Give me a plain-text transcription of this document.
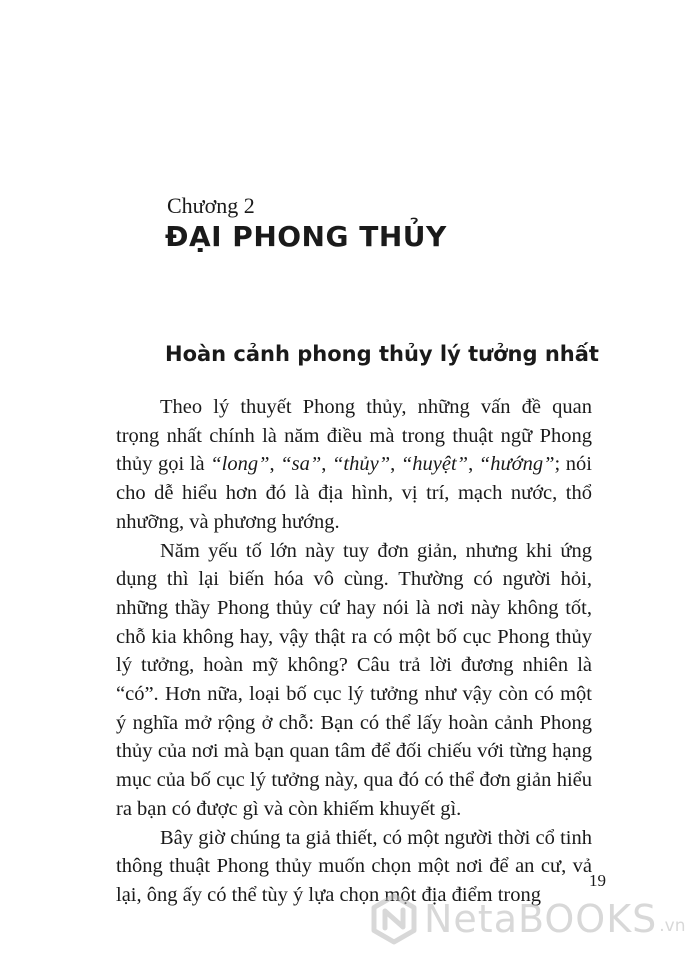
Chương 2
ĐẠI PHONG THỦY
Hoàn cảnh phong thủy lý tưởng nhất

Theo lý thuyết Phong thủy, những vấn đề quan trọng nhất chính là năm điều mà trong thuật ngữ Phong thủy gọi là “long”, “sa”, “thủy”, “huyệt”, “hướng”; nói cho dễ hiểu hơn đó là địa hình, vị trí, mạch nước, thổ nhưỡng, và phương hướng.

Năm yếu tố lớn này tuy đơn giản, nhưng khi ứng dụng thì lại biến hóa vô cùng. Thường có người hỏi, những thầy Phong thủy cứ hay nói là nơi này không tốt, chỗ kia không hay, vậy thật ra có một bố cục Phong thủy lý tưởng, hoàn mỹ không? Câu trả lời đương nhiên là “có”. Hơn nữa, loại bố cục lý tưởng như vậy còn có một ý nghĩa mở rộng ở chỗ: Bạn có thể lấy hoàn cảnh Phong thủy của nơi mà bạn quan tâm để đối chiếu với từng hạng mục của bố cục lý tưởng này, qua đó có thể đơn giản hiểu ra bạn có được gì và còn khiếm khuyết gì.

Bây giờ chúng ta giả thiết, có một người thời cổ tinh thông thuật Phong thủy muốn chọn một nơi để an cư, vả lại, ông ấy có thể tùy ý lựa chọn một địa điểm trong

19
NetaBOOKS .vn
